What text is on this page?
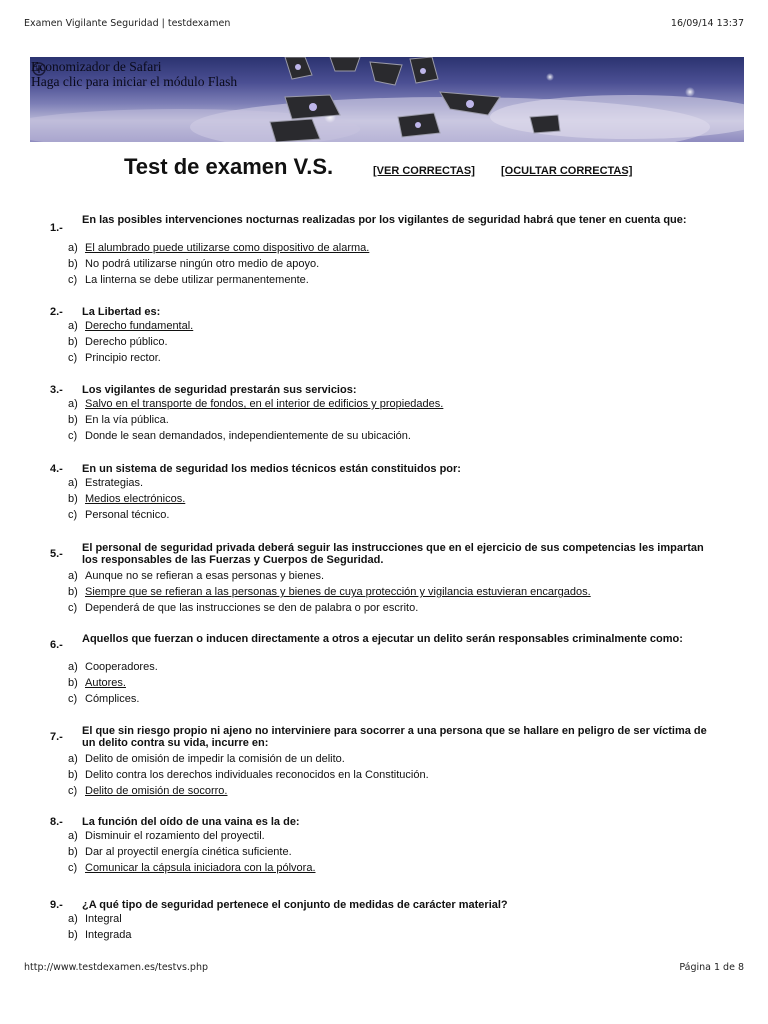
Examen Vigilante Seguridad | testdexamen	16/09/14 13:37
Economizador de Safari
Haga clic para iniciar el módulo Flash
Test de examen V.S.	[VER CORRECTAS] [OCULTAR CORRECTAS]
1.-
En las posibles intervenciones nocturnas realizadas por los vigilantes de seguridad habrá que tener en cuenta que:
a) El alumbrado puede utilizarse como dispositivo de alarma.
b) No podrá utilizarse ningún otro medio de apoyo.
c) La linterna se debe utilizar permanentemente.
2.- La Libertad es:
a) Derecho fundamental.
b) Derecho público.
c) Principio rector.
3.- Los vigilantes de seguridad prestarán sus servicios:
a) Salvo en el transporte de fondos, en el interior de edificios y propiedades.
b) En la vía pública.
c) Donde le sean demandados, independientemente de su ubicación.
4.- En un sistema de seguridad los medios técnicos están constituidos por:
a) Estrategias.
b) Medios electrónicos.
c) Personal técnico.
5.- El personal de seguridad privada deberá seguir las instrucciones que en el ejercicio de sus competencias les impartan los responsables de las Fuerzas y Cuerpos de Seguridad.
a) Aunque no se refieran a esas personas y bienes.
b) Siempre que se refieran a las personas y bienes de cuya protección y vigilancia estuvieran encargados.
c) Dependerá de que las instrucciones se den de palabra o por escrito.
6.- Aquellos que fuerzan o inducen directamente a otros a ejecutar un delito serán responsables criminalmente como:
a) Cooperadores.
b) Autores.
c) Cómplices.
7.- El que sin riesgo propio ni ajeno no interviniere para socorrer a una persona que se hallare en peligro de ser víctima de un delito contra su vida, incurre en:
a) Delito de omisión de impedir la comisión de un delito.
b) Delito contra los derechos individuales reconocidos en la Constitución.
c) Delito de omisión de socorro.
8.- La función del oído de una vaina es la de:
a) Disminuir el rozamiento del proyectil.
b) Dar al proyectil energía cinética suficiente.
c) Comunicar la cápsula iniciadora con la pólvora.
9.- ¿A qué tipo de seguridad pertenece el conjunto de medidas de carácter material?
a) Integral
b) Integrada
http://www.testdexamen.es/testvs.php	Página 1 de 8
